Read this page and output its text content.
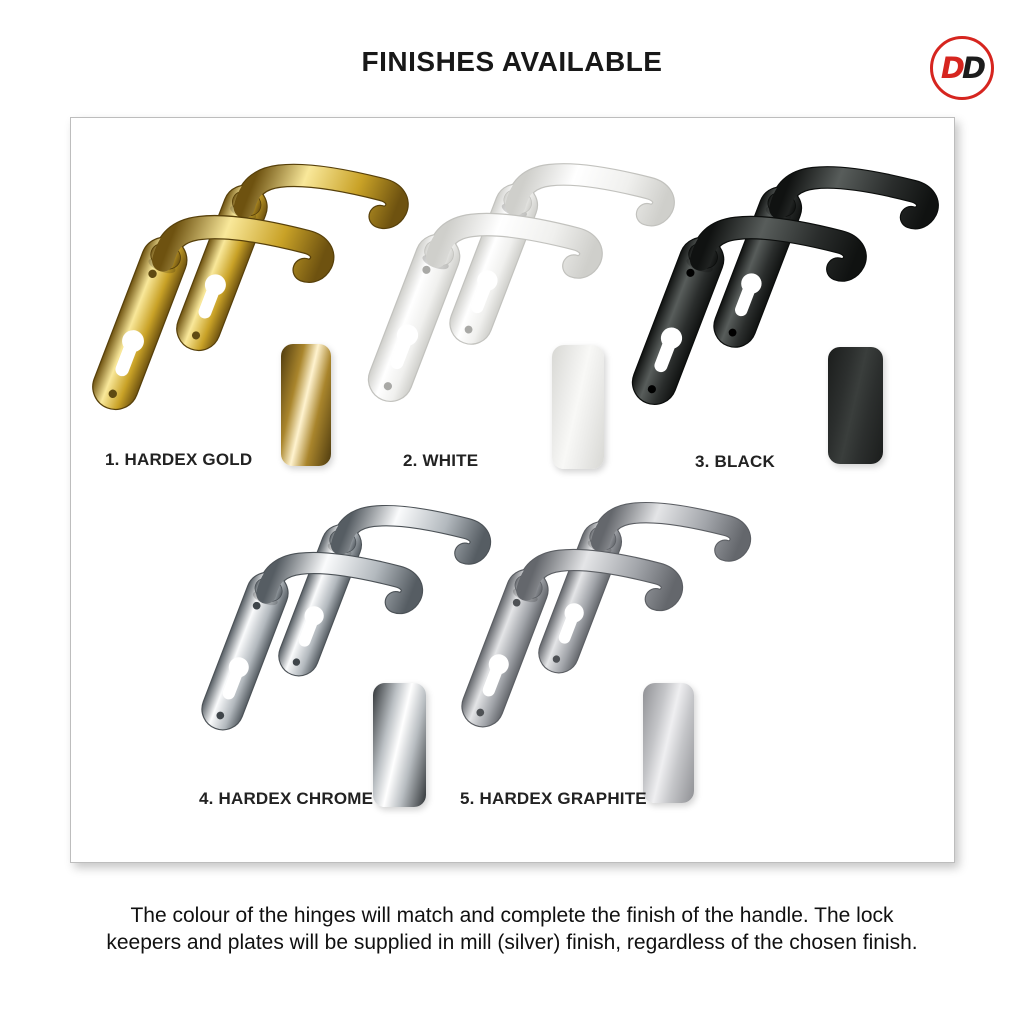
FINISHES AVAILABLE	D D
1. HARDEX GOLD	2. WHITE	3. BLACK
4. HARDEX CHROME	5. HARDEX GRAPHITE

The colour of the hinges will match and complete the finish of the handle. The lock
keepers and plates will be supplied in mill (silver) finish, regardless of the chosen finish.
